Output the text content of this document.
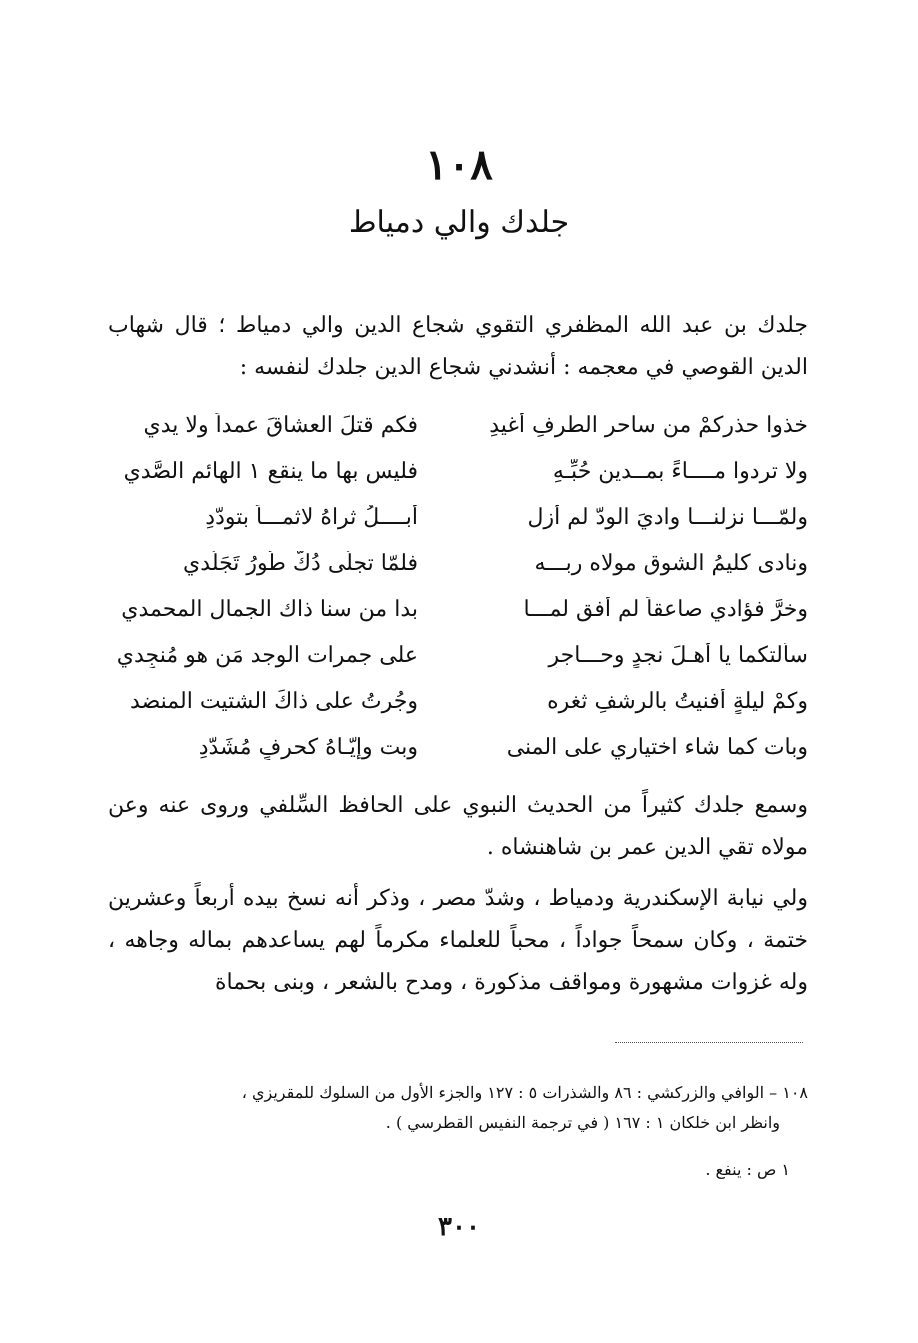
١٠٨
جلدك والي دمياط

جلدك بن عبد الله المظفري التقوي شجاع الدين والي دمياط ؛ قال شهاب الدين القوصي في معجمه : أنشدني شجاع الدين جلدك لنفسه :

خذوا حذركمْ من ساحرِ الطرفِ أغيدِ
فكم قتلَ العشاقَ عمداً ولا يدي
ولا تردوا مــــاءً بمــدينِ حُبِّـهِ
فليس بها ما ينقع ١ الهائم الصَّدي
ولمّـــا نزلنـــا واديَ الودّ لم أزل
أبــــلُ ثراهُ لاثمـــاً بتودّدِ
ونادى كليمُ الشوق مولاه ربـــه
فلمّا تجلّى دُكَّ طُورُ تَجَلّدي
وخرَّ فؤادي صاعقاً لم أفق لمـــا
بدا من سنا ذاك الجمال المحمدي
سألتكما يا أهـلَ نجدٍ وحـــاجرٍ
على جمرات الوجد مَن هو مُنجِدي
وكمْ ليلةٍ أفنيتُ بالرشفِ ثغره
وجُرتُ على ذاكَ الشتيت المنضد
وبات كما شاء اختياري على المنى
وبت وإيّـاهُ كحرفٍ مُشَدّدِ

وسمع جلدك كثيراً من الحديث النبوي على الحافظ السِّلفي وروى عنه وعن مولاه تقي الدين عمر بن شاهنشاه .

ولي نيابة الإسكندرية ودمياط ، وشدّ مصر ، وذكر أنه نسخ بيده أربعاً وعشرين ختمة ، وكان سمحاً جواداً ، محباً للعلماء مكرماً لهم يساعدهم بماله وجاهه ، وله غزوات مشهورة ومواقف مذكورة ، ومدح بالشعر ، وبنى بحماة

١٠٨ – الوافي والزركشي : ٨٦ والشذرات ٥ : ١٢٧ والجزء الأول من السلوك للمقريزي ،
وانظر ابن خلكان ١ : ١٦٧ ( في ترجمة النفيس القطرسي ) .
١ ص : ينفع .
٣٠٠
